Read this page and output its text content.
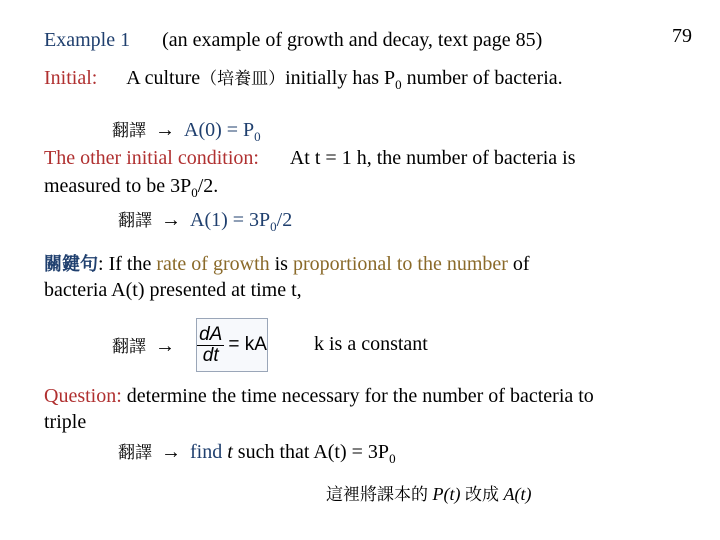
79
Example 1 (an example of growth and decay, text page 85)
Initial: A culture（培養皿）initially has $P_0$ number of bacteria.
翻譯 → $A(0) = P_0$
The other initial condition: At t = 1 h, the number of bacteria is
measured to be $3P_0/2$.
翻譯 → $A(1) = 3P_0/2$
關鍵句: If the rate of growth is proportional to the number of
bacteria A(t) presented at time t,
翻譯 → $\frac{dA}{dt}$ = kA k is a constant
Question: determine the time necessary for the number of bacteria to
triple
翻譯 → find t such that $A(t) = 3P_0$
這裡將課本的 P(t) 改成 A(t)
